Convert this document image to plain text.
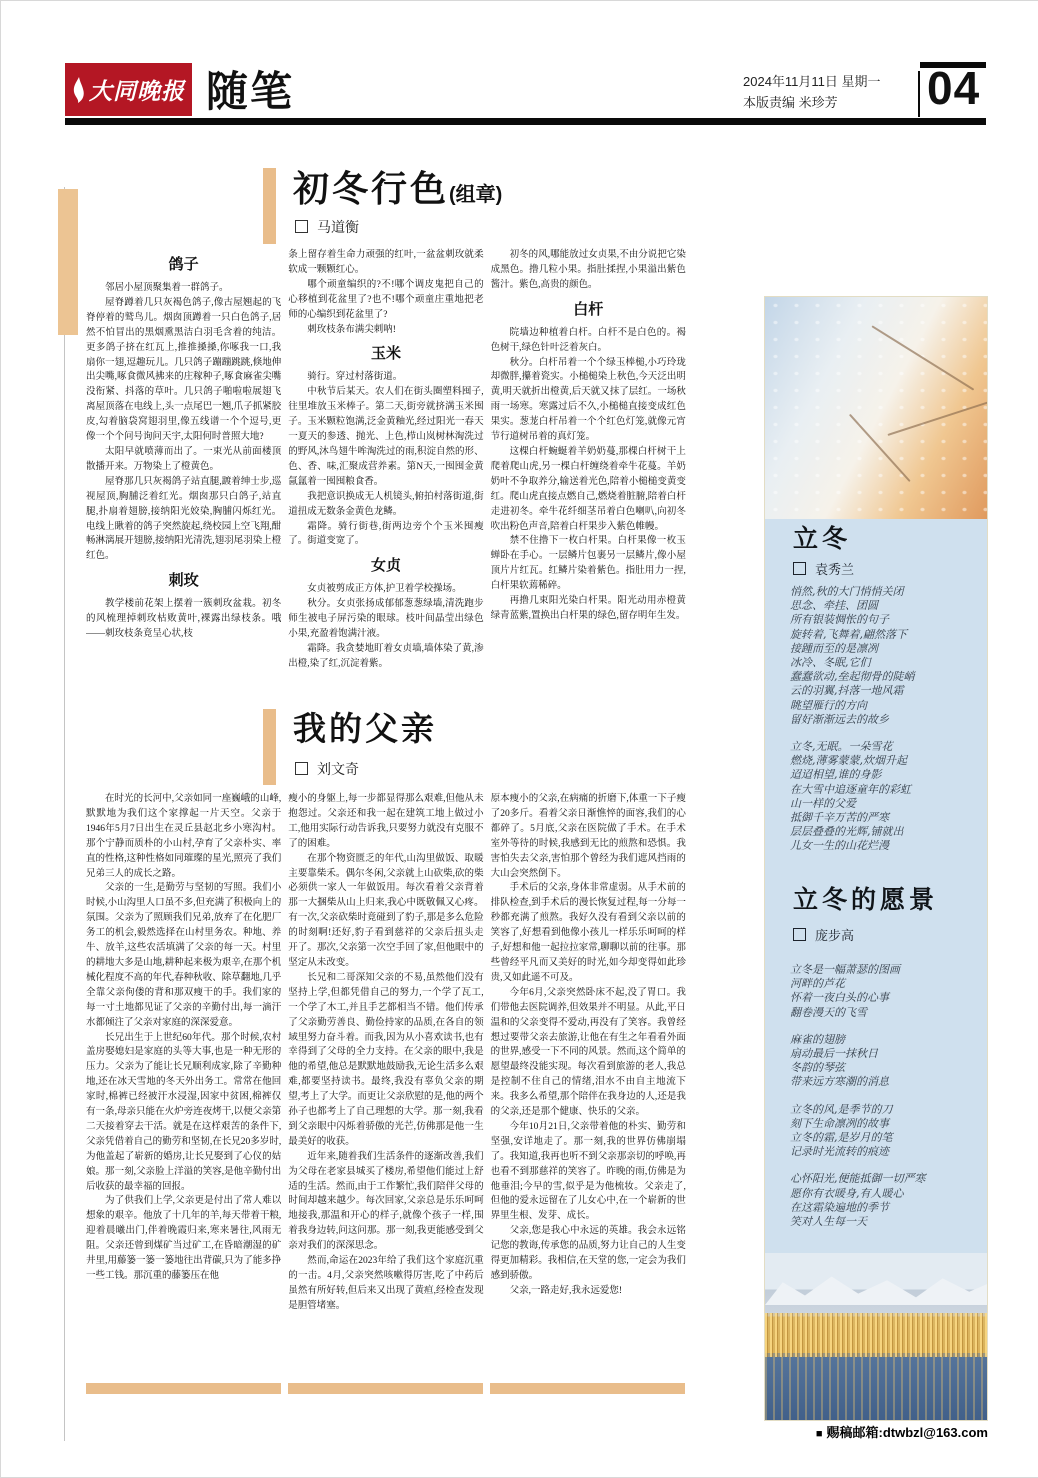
大同晚报 随笔	2024年11月11日 星期一
本版责编 米珍芳	04
初冬行色(组章)
马道衡
鸽子
邻居小屋顶聚集着一群鸽子。
屋脊蹲着几只灰褐色鸽子,像古屋翘起的飞脊停着的鹫鸟儿。烟囱顶蹲着一只白色鸽子,居然不怕冒出的黑烟熏黑洁白羽毛含着的纯洁。更多鸽子挤在红瓦上,推推搡搡,你啄我一口,我扇你一翅,逗趣玩儿。几只鸽子蹦蹦跳跳,倏地伸出尖嘴,啄食微风拂来的庄稼种子,啄食麻雀尖嘴没衔紧、抖落的草叶。几只鸽子啪啦啦展翅飞离屋顶落在电线上,头一点尾巴一翘,爪子抓紧胶皮,勾着脑袋窝翅羽里,像五线谱一个个逗号,更像一个个问号询问天宇,太阳何时普照大地?
太阳早就喷薄而出了。一束光从前面楼顶散播开来。万物染上了橙黄色。
屋脊那几只灰褐鸽子站直腿,踱着绅士步,巡视屋顶,胸脯泛着红光。烟囱那只白鸽子,站直腿,扑扇着翅膀,接纳阳光姣染,胸脯闪烁红光。电线上瞅着的鸽子突然旋起,绕校园上空飞翔,酣畅淋漓展开翅膀,接纳阳光清洗,翅羽尾羽染上橙红色。
刺玫
教学楼前花架上摆着一簇刺玫盆栽。初冬的风梳理掉刺玫枯败黄叶,裸露出绿枝条。哦——刺玫枝条竟呈心状,枝
条上留存着生命力顽强的红叶,一盆盆刺玫就柔软成一颗颗红心。
哪个顽童编织的?不!哪个调皮鬼把自己的心移植到花盆里了?也不!哪个顽童庄重地把老师的心编织到花盆里了?
刺玫枝条布满尖刺呐!
玉米
骑行。穿过村落街道。
中秋节后某天。农人们在街头圈塑料囤子,往里堆放玉米棒子。第二天,街旁就挤满玉米囤子。玉米颗粒饱满,泛金黄釉光,经过阳光一春天一夏天的参透、抛光、上色,栉山岚树林淘洗过的野风,沐鸟翅牛哞淘洗过的雨,积淀自然的形、色、香、味,汇聚成营养素。第N天,一囤囤金黄氤氲着一囤囤粮食香。
我把意识换成无人机镜头,俯拍村落街道,街道扭成无数条金黄色龙鳞。
霜降。骑行街巷,街两边旁个个玉米囤瘦了。街道变宽了。
女贞
女贞被剪成正方体,护卫着学校操场。
秋分。女贞张扬成郁郁葱葱绿墙,清洗跑步师生被电子屏污染的眼球。枝叶间晶莹出绿色小果,充盈着饱满汁液。
霜降。我贪婪地盯着女贞墙,墙体染了黄,渗出橙,染了红,沉淀着紫。
初冬的风,哪能放过女贞果,不由分说把它染成黑色。撸几粒小果。指肚揉捏,小果溢出紫色酱汁。紫色,高贵的颜色。
白杆
院墙边种植着白杆。白杆不是白色的。褐色树干,绿色针叶泛着灰白。
秋分。白杆吊着一个个绿玉棒槌,小巧玲珑却微胖,攥着瓷实。小槌槌染上秋色,今天泛出明黄,明天就折出橙黄,后天就又抹了层红。一场秋雨一场寒。寒露过后不久,小槌槌直接变成红色果实。葱茏白杆吊着一个个红色灯笼,就像元宵节行道树吊着的真灯笼。
这棵白杆蜿蜒着羊奶奶蔓,那棵白杆树干上爬着爬山虎,另一棵白杆缠绕着牵牛花蔓。羊奶奶叶不争取养分,输送着光色,陪着小槌槌变黄变红。爬山虎直接点燃自己,燃烧着脏腑,陪着白杆走进初冬。牵牛花纤细茎吊着白色喇叭,向初冬吹出粉色声音,陪着白杆果步入紫色帷幔。
禁不住撸下一枚白杆果。白杆果像一枚玉蝉卧在手心。一层鳞片包裹另一层鳞片,像小屋顶片片红瓦。红鳞片染着紫色。指肚用力一捏,白杆果软蔫稀碎。
再撸几束阳光染白杆果。阳光动用赤橙黄绿青蓝紫,置换出白杆果的绿色,留存明年生发。
我的父亲
刘文奇
在时光的长河中,父亲如同一座巍峨的山峰,默默地为我们这个家撑起一片天空。父亲于1946年5月7日出生在灵丘县赵北乡小寒沟村。那个宁静而质朴的小山村,孕育了父亲朴实、率直的性格,这种性格如同璀璨的星光,照亮了我们兄弟三人的成长之路。
父亲的一生,是勤劳与坚韧的写照。我们小时候,小山沟里人口虽不多,但充满了积极向上的氛围。父亲为了照顾我们兄弟,放弃了在化肥厂务工的机会,毅然选择在山村里务农。种地、养牛、放羊,这些农活填满了父亲的每一天。村里的耕地大多是山地,耕种起来极为艰辛,在那个机械化程度不高的年代,春种秋收、除草翻地,几乎全靠父亲佝偻的背和那双瘦干的手。我们家的每一寸土地都见证了父亲的辛勤付出,每一滴汗水都倾注了父亲对家庭的深深爱意。
长兄出生于上世纪60年代。那个时候,农村盖房娶媳妇是家庭的头等大事,也是一种无形的压力。父亲为了能让长兄顺利成家,除了辛勤种地,还在冰天雪地的冬天外出务工。常常在他回家时,棉裤已经被汗水浸湿,因家中贫困,棉裤仅有一条,母亲只能在火炉旁连夜烤干,以便父亲第二天接着穿去干活。就是在这样艰苦的条件下,父亲凭借着自己的勤劳和坚韧,在长兄20多岁时,为他盖起了崭新的婚房,让长兄娶到了心仪的姑娘。那一刻,父亲脸上洋溢的笑容,是他辛勤付出后收获的最幸福的回报。
为了供我们上学,父亲更是付出了常人难以想象的艰辛。他放了十几年的羊,每天带着干粮,迎着晨曦出门,伴着晚霞归来,寒来暑往,风雨无阻。父亲还曾到煤矿当过矿工,在昏暗潮湿的矿井里,用藤篓一篓一篓地往出背碳,只为了能多挣一些工钱。那沉重的藤篓压在他
瘦小的身躯上,每一步都显得那么艰难,但他从未抱怨过。父亲还和我一起在建筑工地上做过小工,他用实际行动告诉我,只要努力就没有克服不了的困难。
在那个物资匮乏的年代,山沟里做饭、取暖主要靠柴禾。偶尔冬闲,父亲就上山砍柴,砍的柴必须供一家人一年做饭用。每次看着父亲背着那一大捆柴从山上归来,我心中既敬佩又心疼。有一次,父亲砍柴时竟碰到了豹子,那是多么危险的时刻啊!还好,豹子看到慈祥的父亲后扭头走开了。那次,父亲第一次空手回了家,但他眼中的坚定从未改变。
长兄和二哥深知父亲的不易,虽然他们没有坚持上学,但都凭借自己的努力,一个学了瓦工,一个学了木工,并且手艺都相当不错。他们传承了父亲勤劳善良、勤俭持家的品质,在各自的领域里努力奋斗着。而我,因为从小喜欢读书,也有幸得到了父母的全力支持。在父亲的眼中,我是他的希望,他总是默默地鼓励我,无论生活多么艰难,都要坚持读书。最终,我没有辜负父亲的期望,考上了大学。而更让父亲欣慰的是,他的两个孙子也都考上了自己理想的大学。那一刻,我看到父亲眼中闪烁着骄傲的光芒,仿佛那是他一生最美好的收获。
近年来,随着我们生活条件的逐渐改善,我们为父母在老家县城买了楼房,希望他们能过上舒适的生活。然而,由于工作繁忙,我们陪伴父母的时间却越来越少。每次回家,父亲总是乐乐呵呵地接我,那温和开心的样子,就像个孩子一样,围着我身边转,问这问那。那一刻,我更能感受到父亲对我们的深深思念。
然而,命运在2023年给了我们这个家庭沉重的一击。4月,父亲突然咳嗽得厉害,吃了中药后虽然有所好转,但后来又出现了黄疸,经检查发现是胆管堵塞。
原本瘦小的父亲,在病痛的折磨下,体重一下子瘦了20多斤。看着父亲日渐憔悴的面容,我们的心都碎了。5月底,父亲在医院做了手术。在手术室外等待的时候,我感到无比的煎熬和恐惧。我害怕失去父亲,害怕那个曾经为我们遮风挡雨的大山会突然倒下。
手术后的父亲,身体非常虚弱。从手术前的排队检查,到手术后的漫长恢复过程,每一分每一秒都充满了煎熬。我好久没有看到父亲以前的笑容了,好想看到他像小孩儿一样乐乐呵呵的样子,好想和他一起拉拉家常,聊聊以前的往事。那些曾经平凡而又美好的时光,如今却变得如此珍贵,又如此遥不可及。
今年6月,父亲突然卧床不起,没了胃口。我们带他去医院调养,但效果并不明显。从此,平日温和的父亲变得不爱动,再没有了笑容。我曾经想过要带父亲去旅游,让他在有生之年看看外面的世界,感受一下不同的风景。然而,这个简单的愿望最终没能实现。每次看到旅游的老人,我总是控制不住自己的情绪,泪水不由自主地流下来。我多么希望,那个陪伴在我身边的人,还是我的父亲,还是那个健康、快乐的父亲。
今年10月21日,父亲带着他的朴实、勤劳和坚强,安详地走了。那一刻,我的世界仿佛崩塌了。我知道,我再也听不到父亲那亲切的呼唤,再也看不到那慈祥的笑容了。昨晚的雨,仿佛是为他垂泪;今早的雪,似乎是为他梳妆。父亲走了,但他的爱永远留在了儿女心中,在一个崭新的世界里生根、发芽、成长。
父亲,您是我心中永远的英雄。我会永远铭记您的教诲,传承您的品质,努力让自己的人生变得更加精彩。我相信,在天堂的您,一定会为我们感到骄傲。
父亲,一路走好,我永远爱您!
立冬
袁秀兰
悄然,秋的大门悄悄关闭
思念、牵挂、团圆
所有银装惆怅的句子
旋转着,飞舞着,翩然落下
接踵而至的是凛冽
冰冷、冬眠,它们
蠢蠢欲动,垒起彻骨的陡峭
云的羽翼,抖落一地风霜
眺望雁行的方向
留好渐渐远去的故乡
立冬,无眠。一朵雪花
燃烧,薄雾蒙蒙,炊烟升起
迢迢相望,谁的身影
在大雪中追逐童年的彩虹
山一样的父爱
抵御千辛万苦的严寒
层层叠叠的光辉,铺就出
儿女一生的山花烂漫
立冬的愿景
庞步高
立冬是一幅萧瑟的图画
河畔的芦花
怀着一夜白头的心事
翻卷漫天的飞雪
麻雀的翅膀
扇动最后一抹秋日
冬韵的琴弦
带来远方寒潮的消息
立冬的风,是季节的刀
刻下生命凛冽的故事
立冬的霜,是岁月的笔
记录时光流转的痕迹
心怀阳光,便能抵御一切严寒
愿你有衣暖身,有人暖心
在这霜染遍地的季节
笑对人生每一天
■ 赐稿邮箱:dtwbzl@163.com
